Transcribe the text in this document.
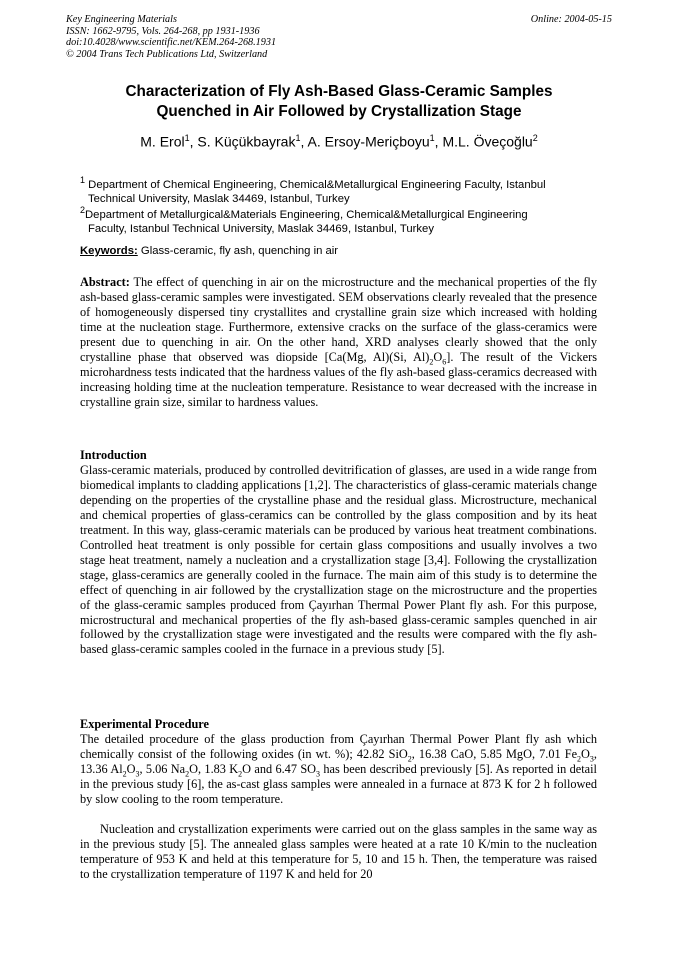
Key Engineering Materials
ISSN: 1662-9795, Vols. 264-268, pp 1931-1936
doi:10.4028/www.scientific.net/KEM.264-268.1931
© 2004 Trans Tech Publications Ltd, Switzerland
Online: 2004-05-15
Characterization of Fly Ash-Based Glass-Ceramic Samples
Quenched in Air Followed by Crystallization Stage
M. Erol$^1$, S. Küçükbayrak$^1$, A. Ersoy-Meriçboyu$^1$, M.L. Öveçoğlu$^2$
$^1$ Department of Chemical Engineering, Chemical&Metallurgical Engineering Faculty, Istanbul
Technical University, Maslak 34469, Istanbul, Turkey
$^2$Department of Metallurgical&Materials Engineering, Chemical&Metallurgical Engineering
Faculty, Istanbul Technical University, Maslak 34469, Istanbul, Turkey
Keywords: Glass-ceramic, fly ash, quenching in air
Abstract: The effect of quenching in air on the microstructure and the mechanical properties of the fly ash-based glass-ceramic samples were investigated. SEM observations clearly revealed that the presence of homogeneously dispersed tiny crystallites and crystalline grain size which increased with holding time at the nucleation stage. Furthermore, extensive cracks on the surface of the glass-ceramics were present due to quenching in air. On the other hand, XRD analyses clearly showed that the only crystalline phase that observed was diopside [Ca(Mg, Al)(Si, $Al)_2O_6$]. The result of the Vickers microhardness tests indicated that the hardness values of the fly ash-based glass-ceramics decreased with increasing holding time at the nucleation temperature. Resistance to wear decreased with the increase in crystalline grain size, similar to hardness values.
Introduction
Glass-ceramic materials, produced by controlled devitrification of glasses, are used in a wide range from biomedical implants to cladding applications [1,2]. The characteristics of glass-ceramic materials change depending on the properties of the crystalline phase and the residual glass. Microstructure, mechanical and chemical properties of glass-ceramics can be controlled by the glass composition and by its heat treatment. In this way, glass-ceramic materials can be produced by various heat treatment combinations. Controlled heat treatment is only possible for certain glass compositions and usually involves a two stage heat treatment, namely a nucleation and a crystallization stage [3,4]. Following the crystallization stage, glass-ceramics are generally cooled in the furnace. The main aim of this study is to determine the effect of quenching in air followed by the crystallization stage on the microstructure and the properties of the glass-ceramic samples produced from Çayırhan Thermal Power Plant fly ash. For this purpose, microstructural and mechanical properties of the fly ash-based glass-ceramic samples quenched in air followed by the crystallization stage were investigated and the results were compared with the fly ash-based glass-ceramic samples cooled in the furnace in a previous study [5].
Experimental Procedure
The detailed procedure of the glass production from Çayırhan Thermal Power Plant fly ash which chemically consist of the following oxides (in wt. %); 42.82 SiO$_2$, 16.38 CaO, 5.85 MgO, 7.01 $Fe_2O_3$, 13.36 $Al_2O_3$, 5.06 $Na_2O$, 1.83 $K_2O$ and 6.47 $SO_3$ has been described previously [5]. As reported in detail in the previous study [6], the as-cast glass samples were annealed in a furnace at 873 K for 2 h followed by slow cooling to the room temperature.
Nucleation and crystallization experiments were carried out on the glass samples in the same way as in the previous study [5]. The annealed glass samples were heated at a rate 10 K/min to the nucleation temperature of 953 K and held at this temperature for 5, 10 and 15 h. Then, the temperature was raised to the crystallization temperature of 1197 K and held for 20
